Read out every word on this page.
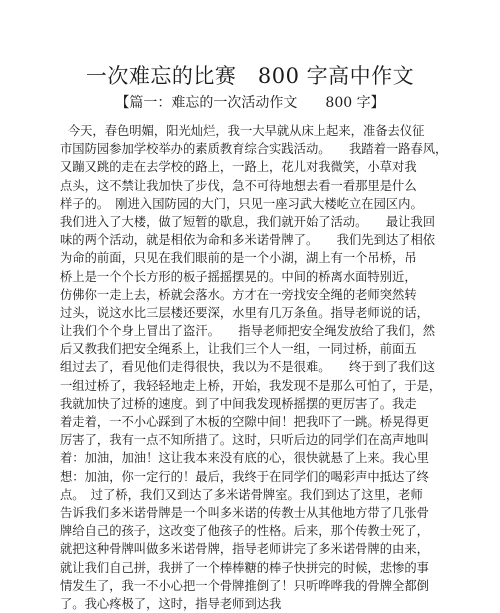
一次难忘的比赛　800 字高中作文
【篇一：难忘的一次活动作文　　800 字】
今天，春色明媚，阳光灿烂，我一大早就从床上起来，准备去仪征
市国防园参加学校举办的素质教育综合实践活动。　　我踏着一路春风，
又蹦又跳的走在去学校的路上，一路上，花儿对我微笑，小草对我
点头，这不禁让我加快了步伐，急不可待地想去看一看那里是什么
样子的。　刚进入国防园的大门，只见一座习武大楼屹立在园区内。
我们进入了大楼，做了短暂的歇息，我们就开始了活动。　　最让我回
味的两个活动，就是相依为命和多米诺骨牌了。　　我们先到达了相依
为命的前面，只见在我们眼前的是一个小湖，湖上有一个吊桥，吊
桥上是一个个长方形的板子摇摇摆晃的。中间的桥离水面特别近，
仿佛你一走上去，桥就会落水。方才在一旁找安全绳的老师突然转
过头，说这水比三层楼还要深，水里有几万条鱼。指导老师说的话，
让我们个个身上冒出了盗汗。　　指导老师把安全绳发放给了我们，然
后又教我们把安全绳系上，让我们三个人一组，一同过桥，前面五
组过去了，看见他们走得很快，我以为不是很难。　　终于到了我们这
一组过桥了，我轻轻地走上桥，开始，我发现不是那么可怕了，于是，
我就加快了过桥的速度。到了中间我发现桥摇摆的更厉害了。我走
着走着，一不小心踩到了木板的空隙中间！把我吓了一跳。桥晃得更
厉害了，我有一点不知所措了。这时，只听后边的同学们在高声地叫
着：加油，加油！这让我本来没有底的心，很快就悬了上来。我心里
想：加油，你一定行的！最后，我终于在同学们的喝彩声中抵达了终
点。　过了桥，我们又到达了多米诺骨牌室。我们到达了这里，老师
告诉我们多米诺骨牌是一个叫多米诺的传教士从其他地方带了几张骨
牌给自己的孩子，这改变了他孩子的性格。后来，那个传教士死了，
就把这种骨牌叫做多米诺骨牌，指导老师讲完了多米诺骨牌的由来，
就让我们自己拼，我拼了一个棒棒糖的棒子快拼完的时候，悲惨的事
情发生了，我一不小心把一个骨牌推倒了！只听哗哗我的骨牌全都倒
了。我心疼极了，这时，指导老师到达我
